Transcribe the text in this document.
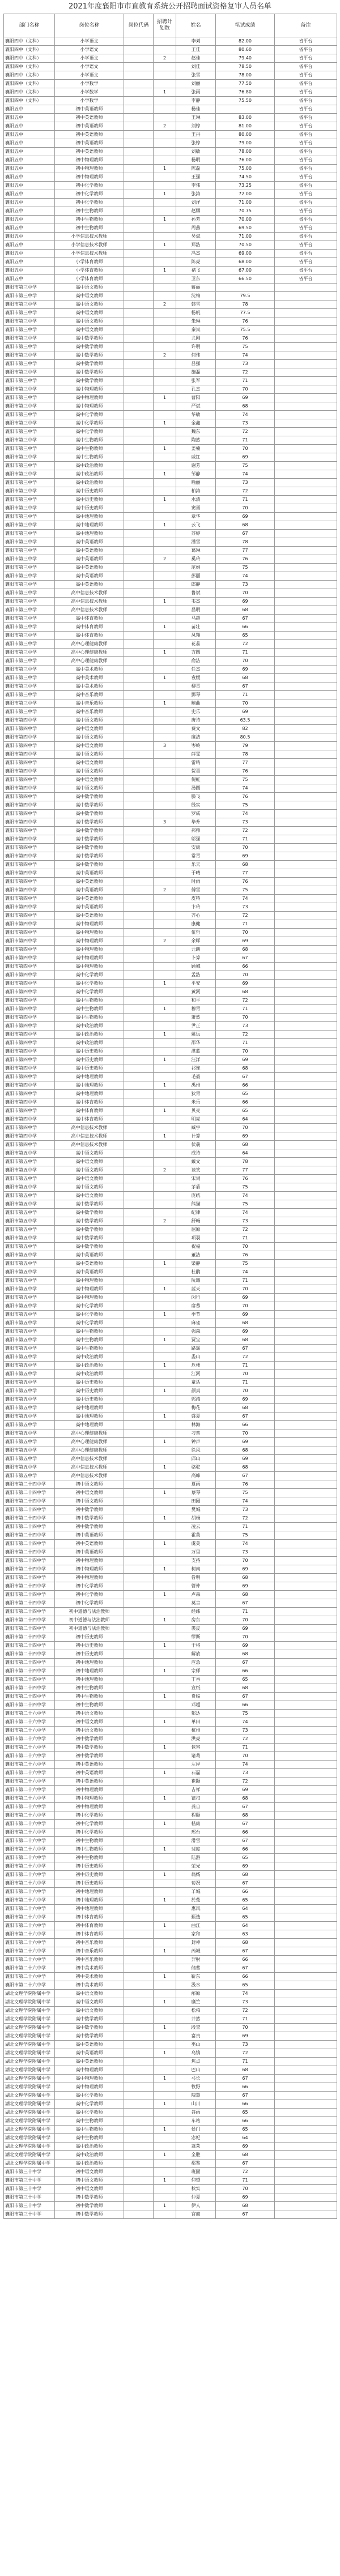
2021年度襄阳市市直教育系统公开招聘面试资格复审人员名单
部门名称	岗位名称	岗位代码	招聘计划数	姓名	笔试成绩	备注
襄阳四中（文科）	小学语文			李刘	82.00	省平台
襄阳四中（文科）	小学语文			王佳	80.60	省平台
襄阳四中（文科）	小学语文		2	赵佳	79.40	省平台
襄阳四中（文科）	小学语文			刘佳	78.50	省平台
襄阳四中（文科）	小学语文			张雪	78.00	省平台
襄阳四中（文科）	小学数学			刘丽	77.50	省平台
襄阳四中（文科）	小学数学		1	张雨	76.80	省平台
襄阳四中（文科）	小学数学			李静	75.50	省平台
襄阳五中	初中英语教师			杨佳		省平台
襄阳五中	初中英语教师			王琳	83.00	省平台
襄阳五中	初中英语教师		2	刘婷	81.00	省平台
襄阳五中	初中英语教师			王丹	80.00	省平台
襄阳五中	初中英语教师			张婷	79.00	省平台
襄阳五中	初中英语教师			刘敏	78.00	省平台
襄阳五中	初中物理教师			杨明	76.00	省平台
襄阳五中	初中物理教师		1	陈磊	75.00	省平台
襄阳五中	初中物理教师			王强	74.50	省平台
襄阳五中	初中化学教师			李伟	73.25	省平台
襄阳五中	初中化学教师		1	张涛	72.00	省平台
襄阳五中	初中化学教师			刘洋	71.00	省平台
襄阳五中	初中生物教师			赵娜	70.75	省平台
襄阳五中	初中生物教师		1	孙芳	70.00	省平台
襄阳五中	初中生物教师			周燕	69.50	省平台
襄阳五中	小学信息技术教师			吴斌	71.00	省平台
襄阳五中	小学信息技术教师		1	郑浩	70.50	省平台
襄阳五中	小学信息技术教师			冯杰	69.00	省平台
襄阳五中	小学体育教师			陈亮	68.00	省平台
襄阳五中	小学体育教师		1	褚飞	67.00	省平台
襄阳五中	小学体育教师			卫东	66.50	省平台
襄阳市第三中学	高中语文教师			蒋丽		
襄阳市第三中学	高中语文教师			沈梅	79.5	
襄阳市第三中学	高中语文教师		2	韩雪	78	
襄阳市第三中学	高中语文教师			杨帆	77.5	
襄阳市第三中学	高中语文教师			朱琳	76	
襄阳市第三中学	高中语文教师			秦岚	75.5	
襄阳市第三中学	高中数学教师			尤刚	76	
襄阳市第三中学	高中数学教师			许明	75	
襄阳市第三中学	高中数学教师		2	何伟	74	
襄阳市第三中学	高中数学教师			吕强	73	
襄阳市第三中学	高中数学教师			施磊	72	
襄阳市第三中学	高中数学教师			张军	71	
襄阳市第三中学	高中物理教师			孔杰	70	
襄阳市第三中学	高中物理教师		1	曹阳	69	
襄阳市第三中学	高中物理教师			严斌	68	
襄阳市第三中学	高中化学教师			华敏	74	
襄阳市第三中学	高中化学教师		1	金鑫	73	
襄阳市第三中学	高中化学教师			魏东	72	
襄阳市第三中学	高中生物教师			陶然	71	
襄阳市第三中学	高中生物教师		1	姜楠	70	
襄阳市第三中学	高中生物教师			戚红	69	
襄阳市第三中学	高中政治教师			谢芳	75	
襄阳市第三中学	高中政治教师		1	邹静	74	
襄阳市第三中学	高中政治教师			喻丽	73	
襄阳市第三中学	高中历史教师			柏涛	72	
襄阳市第三中学	高中历史教师		1	水清	71	
襄阳市第三中学	高中历史教师			窦勇	70	
襄阳市第三中学	高中地理教师			章华	69	
襄阳市第三中学	高中地理教师		1	云飞	68	
襄阳市第三中学	高中地理教师			苏婷	67	
襄阳市第三中学	高中英语教师			潘雪	78	
襄阳市第三中学	高中英语教师			葛琳	77	
襄阳市第三中学	高中英语教师		2	奚玲	76	
襄阳市第三中学	高中英语教师			范娟	75	
襄阳市第三中学	高中英语教师			彭丽	74	
襄阳市第三中学	高中英语教师			郎静	73	
襄阳市第三中学	高中信息技术教师			鲁斌	70	
襄阳市第三中学	高中信息技术教师		1	韦杰	69	
襄阳市第三中学	高中信息技术教师			昌明	68	
襄阳市第三中学	高中体育教师			马超	67	
襄阳市第三中学	高中体育教师		1	苗壮	66	
襄阳市第三中学	高中体育教师			凤翔	65	
襄阳市第三中学	高中心理健康教师			花蕊	72	
襄阳市第三中学	高中心理健康教师		1	方圆	71	
襄阳市第三中学	高中心理健康教师			俞洁	70	
襄阳市第三中学	高中美术教师			任杰	69	
襄阳市第三中学	高中美术教师		1	袁媛	68	
襄阳市第三中学	高中美术教师			柳青	67	
襄阳市第三中学	高中音乐教师			酆琴	71	
襄阳市第三中学	高中音乐教师		1	鲍曲	70	
襄阳市第三中学	高中音乐教师			史乐	69	
襄阳市第四中学	高中语文教师			唐诗	63.5	
襄阳市第四中学	高中语文教师			费文	82	
襄阳市第四中学	高中语文教师			廉洁	80.5	
襄阳市第四中学	高中语文教师		3	岑岭	79	
襄阳市第四中学	高中语文教师			薛雯	78	
襄阳市第四中学	高中语文教师			雷鸣	77	
襄阳市第四中学	高中语文教师			贺喜	76	
襄阳市第四中学	高中语文教师			倪虹	75	
襄阳市第四中学	高中语文教师			汤圆	74	
襄阳市第四中学	高中数学教师			滕飞	76	
襄阳市第四中学	高中数学教师			殷实	75	
襄阳市第四中学	高中数学教师			罗成	74	
襄阳市第四中学	高中数学教师		3	毕升	73	
襄阳市第四中学	高中数学教师			郝帅	72	
襄阳市第四中学	高中数学教师			邬强	71	
襄阳市第四中学	高中数学教师			安康	70	
襄阳市第四中学	高中数学教师			常青	69	
襄阳市第四中学	高中数学教师			乐天	68	
襄阳市第四中学	高中英语教师			于晴	77	
襄阳市第四中学	高中英语教师			时雨	76	
襄阳市第四中学	高中英语教师		2	傅雷	75	
襄阳市第四中学	高中英语教师			皮特	74	
襄阳市第四中学	高中英语教师			卞玲	73	
襄阳市第四中学	高中英语教师			齐心	72	
襄阳市第四中学	高中物理教师			康健	71	
襄阳市第四中学	高中物理教师			伍哲	70	
襄阳市第四中学	高中物理教师		2	余晖	69	
襄阳市第四中学	高中物理教师			元朗	68	
襄阳市第四中学	高中物理教师			卜算	67	
襄阳市第四中学	高中物理教师			顾城	66	
襄阳市第四中学	高中化学教师			孟浩	70	
襄阳市第四中学	高中化学教师		1	平安	69	
襄阳市第四中学	高中化学教师			黄河	68	
襄阳市第四中学	高中生物教师			和平	72	
襄阳市第四中学	高中生物教师		1	穆青	71	
襄阳市第四中学	高中生物教师			萧然	70	
襄阳市第四中学	高中政治教师			尹正	73	
襄阳市第四中学	高中政治教师		1	姚远	72	
襄阳市第四中学	高中政治教师			邵华	71	
襄阳市第四中学	高中历史教师			湛蓝	70	
襄阳市第四中学	高中历史教师		1	汪洋	69	
襄阳市第四中学	高中历史教师			祁连	68	
襄阳市第四中学	高中地理教师			毛毅	67	
襄阳市第四中学	高中地理教师		1	禹州	66	
襄阳市第四中学	高中地理教师			狄青	65	
襄阳市第四中学	高中体育教师			米乐	66	
襄阳市第四中学	高中体育教师		1	贝壳	65	
襄阳市第四中学	高中体育教师			明亮	64	
襄阳市第四中学	高中信息技术教师			臧宇	70	
襄阳市第四中学	高中信息技术教师		1	计算	69	
襄阳市第四中学	高中信息技术教师			伏羲	68	
襄阳市第五中学	高中语文教师			成诗	64	
襄阳市第五中学	高中语文教师			戴文	78	
襄阳市第五中学	高中语文教师		2	谈笑	77	
襄阳市第五中学	高中语文教师			宋词	76	
襄阳市第五中学	高中语文教师			茅盾	75	
襄阳市第五中学	高中语文教师			庞统	74	
襄阳市第五中学	高中数学教师			熊猫	75	
襄阳市第五中学	高中数学教师			纪律	74	
襄阳市第五中学	高中数学教师		2	舒畅	73	
襄阳市第五中学	高中数学教师			屈原	72	
襄阳市第五中学	高中数学教师			项羽	71	
襄阳市第五中学	高中数学教师			祝福	70	
襄阳市第五中学	高中英语教师			董洁	76	
襄阳市第五中学	高中英语教师		1	梁静	75	
襄阳市第五中学	高中英语教师			杜鹃	74	
襄阳市第五中学	高中物理教师			阮籍	71	
襄阳市第五中学	高中物理教师		1	蓝天	70	
襄阳市第五中学	高中物理教师			闵行	69	
襄阳市第五中学	高中化学教师			席慕	70	
襄阳市第五中学	高中化学教师		1	季节	69	
襄阳市第五中学	高中化学教师			麻雀	68	
襄阳市第五中学	高中生物教师			强森	69	
襄阳市第五中学	高中生物教师		1	贾宝	68	
襄阳市第五中学	高中生物教师			路遥	67	
襄阳市第五中学	高中政治教师			娄山	72	
襄阳市第五中学	高中政治教师		1	危楼	71	
襄阳市第五中学	高中政治教师			江河	70	
襄阳市第五中学	高中历史教师			童话	71	
襄阳市第五中学	高中历史教师		1	颜真	70	
襄阳市第五中学	高中历史教师			郭靖	69	
襄阳市第五中学	高中地理教师			梅花	68	
襄阳市第五中学	高中地理教师		1	盛夏	67	
襄阳市第五中学	高中地理教师			林海	66	
襄阳市第五中学	高中心理健康教师			刁蛮	70	
襄阳市第五中学	高中心理健康教师		1	钟声	69	
襄阳市第五中学	高中心理健康教师			徐风	68	
襄阳市第五中学	高中信息技术教师			邱山	69	
襄阳市第五中学	高中信息技术教师		1	骆驼	68	
襄阳市第五中学	高中信息技术教师			高峰	67	
襄阳市第二十四中学	初中语文教师			夏雨	76	
襄阳市第二十四中学	初中语文教师		1	蔡琴	75	
襄阳市第二十四中学	初中语文教师			田园	74	
襄阳市第二十四中学	初中数学教师			樊城	73	
襄阳市第二十四中学	初中数学教师		1	胡杨	72	
襄阳市第二十四中学	初中数学教师			凌云	71	
襄阳市第二十四中学	初中英语教师			霍英	75	
襄阳市第二十四中学	初中英语教师		1	虞美	74	
襄阳市第二十四中学	初中英语教师			万里	73	
襄阳市第二十四中学	初中物理教师			支持	70	
襄阳市第二十四中学	初中物理教师		1	柯南	69	
襄阳市第二十四中学	初中物理教师			昝明	68	
襄阳市第二十四中学	初中化学教师			管仲	69	
襄阳市第二十四中学	初中化学教师		1	卢森	68	
襄阳市第二十四中学	初中化学教师			莫言	67	
襄阳市第二十四中学	初中道德与法治教师			经纬	71	
襄阳市第二十四中学	初中道德与法治教师		1	房东	70	
襄阳市第二十四中学	初中道德与法治教师			裘皮	69	
襄阳市第二十四中学	初中历史教师			缪斯	70	
襄阳市第二十四中学	初中历史教师		1	干将	69	
襄阳市第二十四中学	初中历史教师			解放	68	
襄阳市第二十四中学	初中地理教师			应急	67	
襄阳市第二十四中学	初中地理教师		1	宗师	66	
襄阳市第二十四中学	初中地理教师			丁香	65	
襄阳市第二十四中学	初中生物教师			宣纸	68	
襄阳市第二十四中学	初中生物教师		1	贲临	67	
襄阳市第二十四中学	初中生物教师			邓超	66	
襄阳市第二十六中学	初中语文教师			郁达	75	
襄阳市第二十六中学	初中语文教师		1	单田	74	
襄阳市第二十六中学	初中语文教师			杭州	73	
襄阳市第二十六中学	初中数学教师			洪亮	72	
襄阳市第二十六中学	初中数学教师		1	包容	71	
襄阳市第二十六中学	初中数学教师			诸葛	70	
襄阳市第二十六中学	初中英语教师			左岸	74	
襄阳市第二十六中学	初中英语教师		1	石磊	73	
襄阳市第二十六中学	初中英语教师			崔颢	72	
襄阳市第二十六中学	初中物理教师			吉祥	69	
襄阳市第二十六中学	初中物理教师		1	钮扣	68	
襄阳市第二十六中学	初中物理教师			龚自	67	
襄阳市第二十六中学	初中化学教师			程颐	68	
襄阳市第二十六中学	初中化学教师		1	嵇康	67	
襄阳市第二十六中学	初中化学教师			邢台	66	
襄阳市第二十六中学	初中生物教师			滑雪	67	
襄阳市第二十六中学	初中生物教师		1	裴度	66	
襄阳市第二十六中学	初中生物教师			陆游	65	
襄阳市第二十六中学	初中历史教师			荣光	69	
襄阳市第二十六中学	初中历史教师		1	翁婿	68	
襄阳市第二十六中学	初中历史教师			荀况	67	
襄阳市第二十六中学	初中地理教师			羊城	66	
襄阳市第二十六中学	初中地理教师		1	於菟	65	
襄阳市第二十六中学	初中地理教师			惠风	64	
襄阳市第二十六中学	初中体育教师			甄选	65	
襄阳市第二十六中学	初中体育教师		1	曲江	64	
襄阳市第二十六中学	初中体育教师			家和	63	
襄阳市第二十六中学	初中音乐教师			封神	68	
襄阳市第二十六中学	初中音乐教师		1	芮城	67	
襄阳市第二十六中学	初中音乐教师			羿射	66	
襄阳市第二十六中学	初中美术教师			储蓄	67	
襄阳市第二十六中学	初中美术教师		1	靳东	66	
襄阳市第二十六中学	初中美术教师			汲水	65	
湖北文理学院附属中学	高中语文教师			邴原	74	
湖北文理学院附属中学	高中语文教师		1	糜竺	73	
湖北文理学院附属中学	高中语文教师			松柏	72	
湖北文理学院附属中学	高中数学教师			井然	71	
湖北文理学院附属中学	高中数学教师		1	段誉	70	
湖北文理学院附属中学	高中数学教师			富贵	69	
湖北文理学院附属中学	高中英语教师			巫山	73	
湖北文理学院附属中学	高中英语教师		1	乌镇	72	
湖北文理学院附属中学	高中英语教师			焦点	71	
湖北文理学院附属中学	高中物理教师			巴山	68	
湖北文理学院附属中学	高中物理教师		1	弓长	67	
湖北文理学院附属中学	高中物理教师			牧野	66	
湖北文理学院附属中学	高中化学教师			隗嚣	67	
湖北文理学院附属中学	高中化学教师		1	山川	66	
湖北文理学院附属中学	高中化学教师			谷雨	65	
湖北文理学院附属中学	高中生物教师			车站	66	
湖北文理学院附属中学	高中生物教师		1	侯门	65	
湖北文理学院附属中学	高中生物教师			宓妃	64	
湖北文理学院附属中学	高中政治教师			蓬莱	69	
湖北文理学院附属中学	高中政治教师		1	全胜	68	
湖北文理学院附属中学	高中政治教师			郗鉴	67	
襄阳市第三十中学	初中语文教师			班固	72	
襄阳市第三十中学	初中语文教师		1	仰望	71	
襄阳市第三十中学	初中语文教师			秋实	70	
襄阳市第三十中学	初中数学教师			仲夏	69	
襄阳市第三十中学	初中数学教师		1	伊人	68	
襄阳市第三十中学	初中数学教师			宫商	67	
